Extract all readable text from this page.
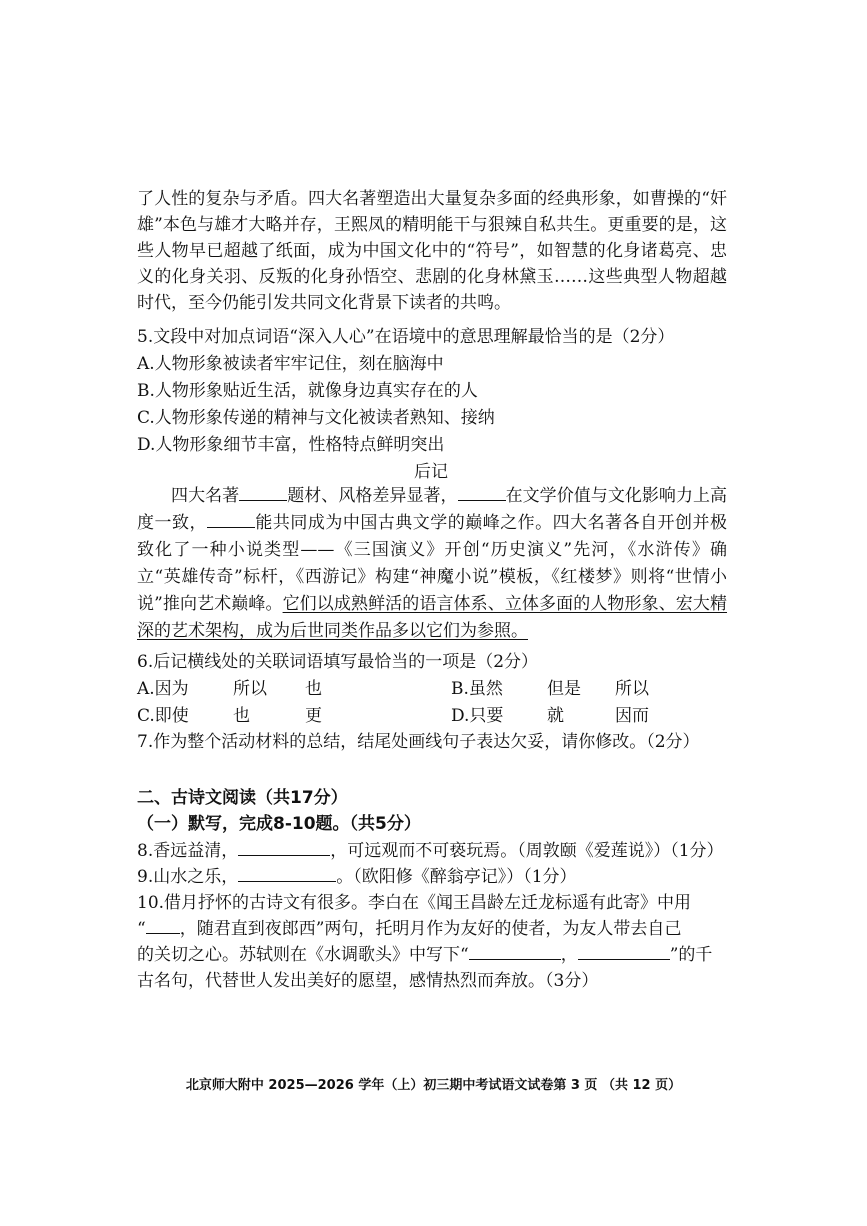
了人性的复杂与矛盾。四大名著塑造出大量复杂多面的经典形象，如曹操的“奸雄”本色与雄才大略并存，王熙凤的精明能干与狠辣自私共生。更重要的是，这些人物早已超越了纸面，成为中国文化中的“符号”，如智慧的化身诸葛亮、忠义的化身关羽、反叛的化身孙悟空、悲剧的化身林黛玉……这些典型人物超越时代，至今仍能引发共同文化背景下读者的共鸣。
5.文段中对加点词语“深入人心”在语境中的意思理解最恰当的是（2分）
A.人物形象被读者牢牢记住，刻在脑海中
B.人物形象贴近生活，就像身边真实存在的人
C.人物形象传递的精神与文化被读者熟知、接纳
D.人物形象细节丰富，性格特点鲜明突出
后记
四大名著	题材、风格差异显著，	在文学价值与文化影响力上高度一致，	能共同成为中国古典文学的巅峰之作。四大名著各自开创并极致化了一种小说类型——《三国演义》开创“历史演义”先河，《水浒传》确立“英雄传奇”标杆，《西游记》构建“神魔小说”模板，《红楼梦》则将“世情小说”推向艺术巅峰。它们以成熟鲜活的语言体系、立体多面的人物形象、宏大精深的艺术架构，成为后世同类作品多以它们为参照。
6.后记横线处的关联词语填写最恰当的一项是（2分）
A.因为	所以 也	B.虽然	但是 所以
C.即使	也	更	D.只要	就	因而
7.作为整个活动材料的总结，结尾处画线句子表达欠妥，请你修改。（2分）
二、古诗文阅读（共17分）
（一）默写，完成8-10题。（共5分）
8.香远益清，	，可远观而不可亵玩焉。（周敦颐《爱莲说》）（1分）
9.山水之乐，	。（欧阳修《醉翁亭记》）（1分）
10.借月抒怀的古诗文有很多。李白在《闻王昌龄左迁龙标遥有此寄》中用
“ ，随君直到夜郎西”两句，托明月作为友好的使者，为友人带去自己
的关切之心。苏轼则在《水调歌头》中写下“	，	”的千
古名句，代替世人发出美好的愿望，感情热烈而奔放。（3分）
北京师大附中 2025—2026 学年（上）初三期中考试语文试卷第 3 页 （共 12 页）
